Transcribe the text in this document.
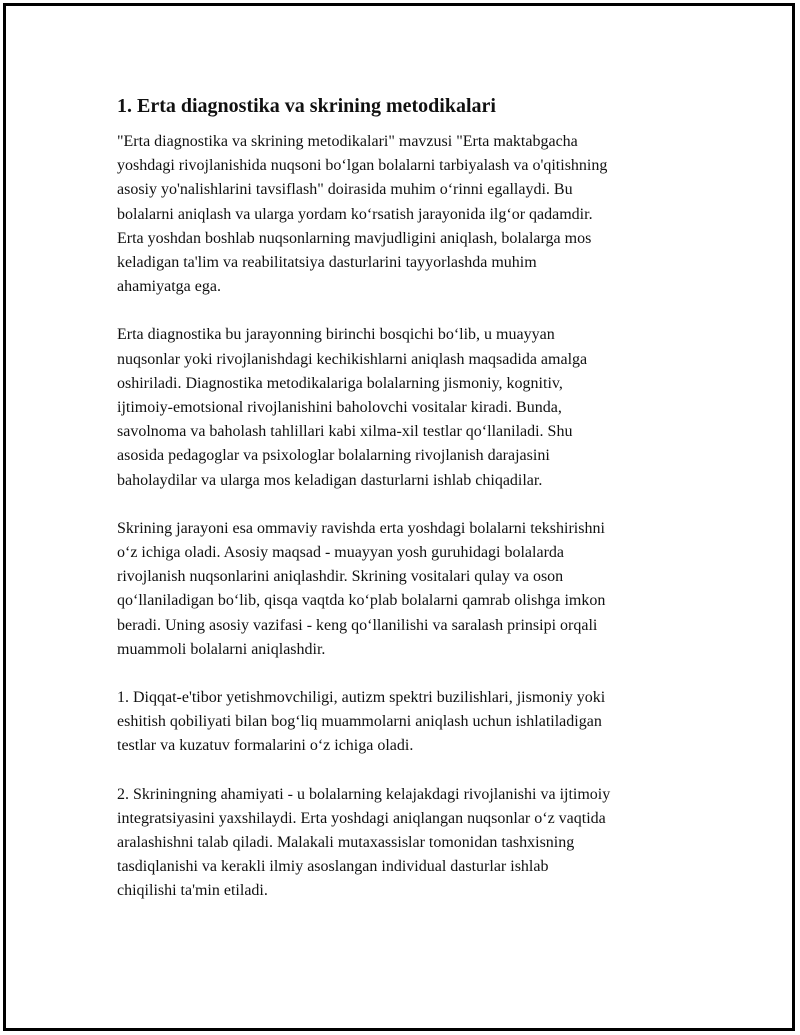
1. Erta diagnostika va skrining metodikalari

"Erta diagnostika va skrining metodikalari" mavzusi "Erta maktabgacha
yoshdagi rivojlanishida nuqsoni bo‘lgan bolalarni tarbiyalash va o'qitishning
asosiy yo'nalishlarini tavsiflash" doirasida muhim o‘rinni egallaydi. Bu
bolalarni aniqlash va ularga yordam ko‘rsatish jarayonida ilg‘or qadamdir.
Erta yoshdan boshlab nuqsonlarning mavjudligini aniqlash, bolalarga mos
keladigan ta'lim va reabilitatsiya dasturlarini tayyorlashda muhim
ahamiyatga ega.

Erta diagnostika bu jarayonning birinchi bosqichi bo‘lib, u muayyan
nuqsonlar yoki rivojlanishdagi kechikishlarni aniqlash maqsadida amalga
oshiriladi. Diagnostika metodikalariga bolalarning jismoniy, kognitiv,
ijtimoiy-emotsional rivojlanishini baholovchi vositalar kiradi. Bunda,
savolnoma va baholash tahlillari kabi xilma-xil testlar qo‘llaniladi. Shu
asosida pedagoglar va psixologlar bolalarning rivojlanish darajasini
baholaydilar va ularga mos keladigan dasturlarni ishlab chiqadilar.

Skrining jarayoni esa ommaviy ravishda erta yoshdagi bolalarni tekshirishni
o‘z ichiga oladi. Asosiy maqsad - muayyan yosh guruhidagi bolalarda
rivojlanish nuqsonlarini aniqlashdir. Skrining vositalari qulay va oson
qo‘llaniladigan bo‘lib, qisqa vaqtda ko‘plab bolalarni qamrab olishga imkon
beradi. Uning asosiy vazifasi - keng qo‘llanilishi va saralash prinsipi orqali
muammoli bolalarni aniqlashdir.

1. Diqqat-e'tibor yetishmovchiligi, autizm spektri buzilishlari, jismoniy yoki
eshitish qobiliyati bilan bog‘liq muammolarni aniqlash uchun ishlatiladigan
testlar va kuzatuv formalarini o‘z ichiga oladi.

2. Skriningning ahamiyati - u bolalarning kelajakdagi rivojlanishi va ijtimoiy
integratsiyasini yaxshilaydi. Erta yoshdagi aniqlangan nuqsonlar o‘z vaqtida
aralashishni talab qiladi. Malakali mutaxassislar tomonidan tashxisning
tasdiqlanishi va kerakli ilmiy asoslangan individual dasturlar ishlab
chiqilishi ta'min etiladi.
